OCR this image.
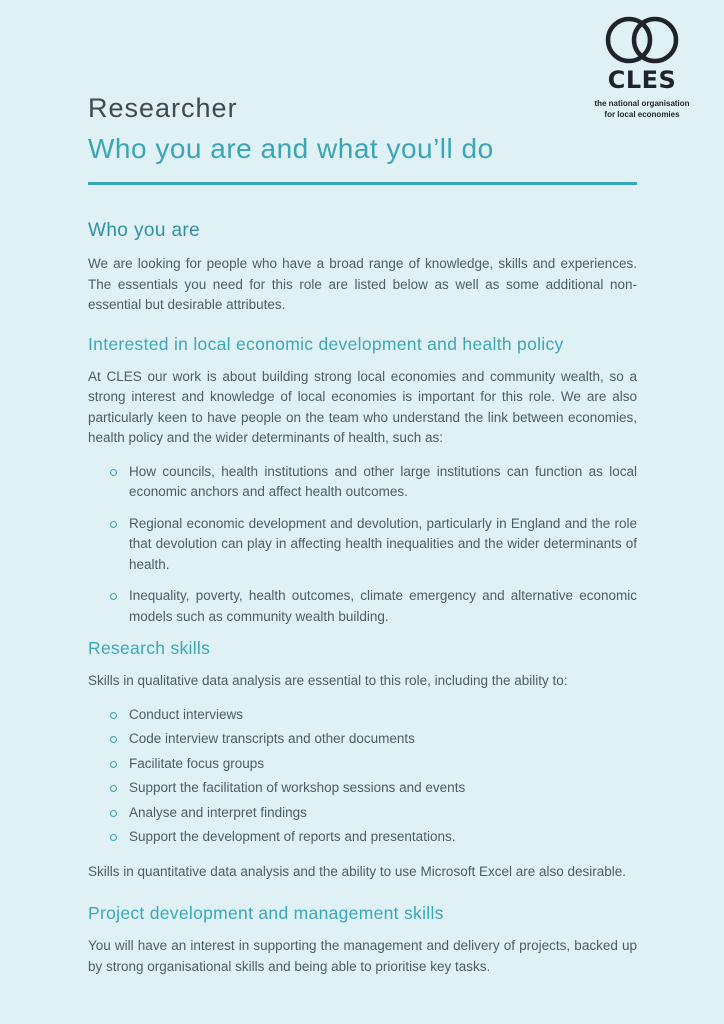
CLES
the national organisation
for local economies
Researcher
Who you are and what you’ll do
Who you are

We are looking for people who have a broad range of knowledge, skills and experiences. The essentials you need for this role are listed below as well as some additional non-essential but desirable attributes.

Interested in local economic development and health policy

At CLES our work is about building strong local economies and community wealth, so a strong interest and knowledge of local economies is important for this role. We are also particularly keen to have people on the team who understand the link between economies, health policy and the wider determinants of health, such as:

How councils, health institutions and other large institutions can function as local economic anchors and affect health outcomes.
Regional economic development and devolution, particularly in England and the role that devolution can play in affecting health inequalities and the wider determinants of health.
Inequality, poverty, health outcomes, climate emergency and alternative economic models such as community wealth building.
Research skills

Skills in qualitative data analysis are essential to this role, including the ability to:

Conduct interviews
Code interview transcripts and other documents
Facilitate focus groups
Support the facilitation of workshop sessions and events
Analyse and interpret findings
Support the development of reports and presentations.

Skills in quantitative data analysis and the ability to use Microsoft Excel are also desirable.

Project development and management skills

You will have an interest in supporting the management and delivery of projects, backed up by strong organisational skills and being able to prioritise key tasks.
